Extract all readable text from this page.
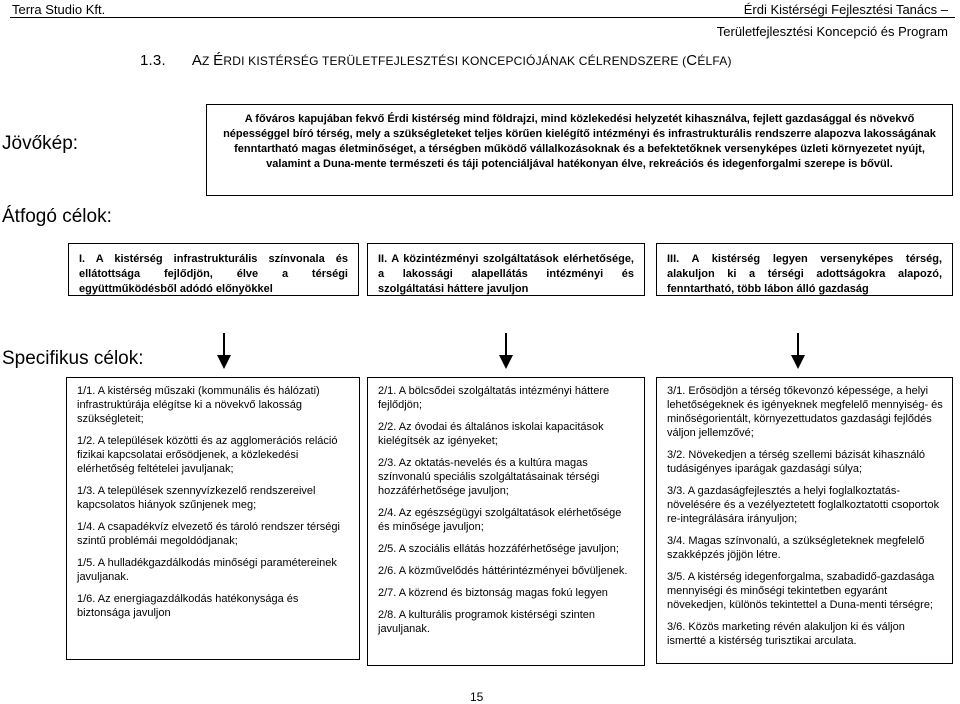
Terra Studio Kft.	Érdi Kistérségi Fejlesztési Tanács –
Területfejlesztési Koncepció és Program
1.3. AZ ÉRDI KISTÉRSÉG TERÜLETFEJLESZTÉSI KONCEPCIÓJÁNAK CÉLRENDSZERE (CÉLFA)
Jövőkép:
A főváros kapujában fekvő Érdi kistérség mind földrajzi, mind közlekedési helyzetét kihasználva, fejlett gazdasággal és növekvő népességgel bíró térség, mely a szükségleteket teljes körűen kielégítő intézményi és infrastrukturális rendszerre alapozva lakosságának fenntartható magas életminőséget, a térségben működő vállalkozásoknak és a befektetőknek versenyképes üzleti környezetet nyújt, valamint a Duna-mente természeti és táji potenciáljával hatékonyan élve, rekreációs és idegenforgalmi szerepe is bővül.
Átfogó célok:
I. A kistérség infrastrukturális színvonala és ellátottsága fejlődjön, élve a térségi együttműködésből adódó előnyökkel
II. A közintézményi szolgáltatások elérhetősége, a lakossági alapellátás intézményi és szolgáltatási háttere javuljon
III. A kistérség legyen versenyképes térség, alakuljon ki a térségi adottságokra alapozó, fenntartható, több lábon álló gazdaság
Specifikus célok:

1/1. A kistérség műszaki (kommunális és hálózati) infrastruktúrája elégítse ki a növekvő lakosság szükségleteit;

1/2. A települések közötti és az agglomerációs reláció fizikai kapcsolatai erősödjenek, a közlekedési elérhetőség feltételei javuljanak;

1/3. A települések szennyvízkezelő rendszereivel kapcsolatos hiányok szűnjenek meg;

1/4. A csapadékvíz elvezető és tároló rendszer térségi szintű problémái megoldódjanak;

1/5. A hulladékgazdálkodás minőségi paramétereinek javuljanak.

1/6. Az energiagazdálkodás hatékonysága és biztonsága javuljon

2/1. A bölcsődei szolgáltatás intézményi háttere fejlődjön;

2/2. Az óvodai és általános iskolai kapacitások kielégítsék az igényeket;

2/3. Az oktatás-nevelés és a kultúra magas színvonalú speciális szolgáltatásainak térségi hozzáférhetősége javuljon;

2/4. Az egészségügyi szolgáltatások elérhetősége és minősége javuljon;

2/5. A szociális ellátás hozzáférhetősége javuljon;

2/6. A közművelődés háttérintézményei bővüljenek.

2/7. A közrend és biztonság magas fokú legyen

2/8. A kulturális programok kistérségi szinten javuljanak.

3/1. Erősödjön a térség tőkevonzó képessége, a helyi lehetőségeknek és igényeknek megfelelő mennyiség- és minőségorientált, környezettudatos gazdasági fejlődés váljon jellemzővé;

3/2. Növekedjen a térség szellemi bázisát kihasználó tudásigényes iparágak gazdasági súlya;

3/3. A gazdaságfejlesztés a helyi foglalkoztatás-növelésére és a vezélyeztetett foglalkoztatotti csoportok re-integrálására irányuljon;

3/4. Magas színvonalú, a szükségleteknek megfelelő szakképzés jöjjön létre.

3/5. A kistérség idegenforgalma, szabadidő-gazdasága mennyiségi és minőségi tekintetben egyaránt növekedjen, különös tekintettel a Duna-menti térségre;

3/6. Közös marketing révén alakuljon ki és váljon ismertté a kistérség turisztikai arculata.

15
